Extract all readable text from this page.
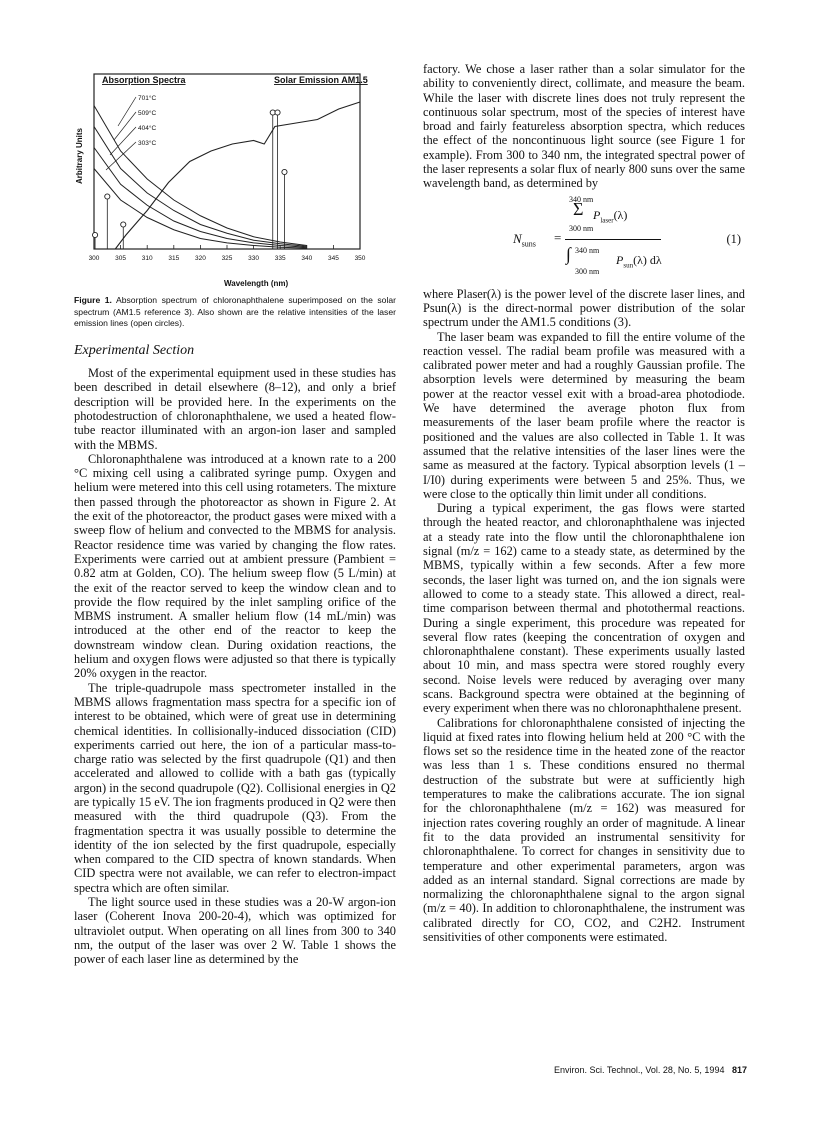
300 305 310 315 320 325 330 335 340 345 350
Absorption Spectra	Solar Emission AM1.5
701°C
509°C
404°C
303°C
Arbitrary Units
Wavelength (nm)
Figure 1. Absorption spectrum of chloronaphthalene superimposed on the solar spectrum (AM1.5 reference 3). Also shown are the relative intensities of the laser emission lines (open circles).
Experimental Section

Most of the experimental equipment used in these studies has been described in detail elsewhere (8–12), and only a brief description will be provided here. In the experiments on the photodestruction of chloronaphthalene, we used a heated flow-tube reactor illuminated with an argon-ion laser and sampled with the MBMS.

Chloronaphthalene was introduced at a known rate to a 200 °C mixing cell using a calibrated syringe pump. Oxygen and helium were metered into this cell using rotameters. The mixture then passed through the photoreactor as shown in Figure 2. At the exit of the photoreactor, the product gases were mixed with a sweep flow of helium and convected to the MBMS for analysis. Reactor residence time was varied by changing the flow rates. Experiments were carried out at ambient pressure (Pambient = 0.82 atm at Golden, CO). The helium sweep flow (5 L/min) at the exit of the reactor served to keep the window clean and to provide the flow required by the inlet sampling orifice of the MBMS instrument. A smaller helium flow (14 mL/min) was introduced at the other end of the reactor to keep the downstream window clean. During oxidation reactions, the helium and oxygen flows were adjusted so that there is typically 20% oxygen in the reactor.

The triple-quadrupole mass spectrometer installed in the MBMS allows fragmentation mass spectra for a specific ion of interest to be obtained, which were of great use in determining chemical identities. In collisionally-induced dissociation (CID) experiments carried out here, the ion of a particular mass-to-charge ratio was selected by the first quadrupole (Q1) and then accelerated and allowed to collide with a bath gas (typically argon) in the second quadrupole (Q2). Collisional energies in Q2 are typically 15 eV. The ion fragments produced in Q2 were then measured with the third quadrupole (Q3). From the fragmentation spectra it was usually possible to determine the identity of the ion selected by the first quadrupole, especially when compared to the CID spectra of known standards. When CID spectra were not available, we can refer to electron-impact spectra which are often similar.

The light source used in these studies was a 20-W argon-ion laser (Coherent Inova 200-20-4), which was optimized for ultraviolet output. When operating on all lines from 300 to 340 nm, the output of the laser was over 2 W. Table 1 shows the power of each laser line as determined by the

factory. We chose a laser rather than a solar simulator for the ability to conveniently direct, collimate, and measure the beam. While the laser with discrete lines does not truly represent the continuous solar spectrum, most of the species of interest have broad and fairly featureless absorption spectra, which reduces the effect of the noncontinuous light source (see Figure 1 for example). From 300 to 340 nm, the integrated spectral power of the laser represents a solar flux of nearly 800 suns over the same wavelength band, as determined by

$N_{suns}$ =
340 nm
Σ
300 nm
$P_{laser}(\lambda)$
340 nm
∫
300 nm
$P_{sun}(\lambda)$ dλ
(1)

where Plaser(λ) is the power level of the discrete laser lines, and Psun(λ) is the direct-normal power distribution of the solar spectrum under the AM1.5 conditions (3).

The laser beam was expanded to fill the entire volume of the reaction vessel. The radial beam profile was measured with a calibrated power meter and had a roughly Gaussian profile. The absorption levels were determined by measuring the beam power at the reactor vessel exit with a broad-area photodiode. We have determined the average photon flux from measurements of the laser beam profile where the reactor is positioned and the values are also collected in Table 1. It was assumed that the relative intensities of the laser lines were the same as measured at the factory. Typical absorption levels (1 – I/I0) during experiments were between 5 and 25%. Thus, we were close to the optically thin limit under all conditions.

During a typical experiment, the gas flows were started through the heated reactor, and chloronaphthalene was injected at a steady rate into the flow until the chloronaphthalene ion signal (m/z = 162) came to a steady state, as determined by the MBMS, typically within a few seconds. After a few more seconds, the laser light was turned on, and the ion signals were allowed to come to a steady state. This allowed a direct, real-time comparison between thermal and photothermal reactions. During a single experiment, this procedure was repeated for several flow rates (keeping the concentration of oxygen and chloronaphthalene constant). These experiments usually lasted about 10 min, and mass spectra were stored roughly every second. Noise levels were reduced by averaging over many scans. Background spectra were obtained at the beginning of every experiment when there was no chloronaphthalene present.

Calibrations for chloronaphthalene consisted of injecting the liquid at fixed rates into flowing helium held at 200 °C with the flows set so the residence time in the heated zone of the reactor was less than 1 s. These conditions ensured no thermal destruction of the substrate but were at sufficiently high temperatures to make the calibrations accurate. The ion signal for the chloronaphthalene (m/z = 162) was measured for injection rates covering roughly an order of magnitude. A linear fit to the data provided an instrumental sensitivity for chloronaphthalene. To correct for changes in sensitivity due to temperature and other experimental parameters, argon was added as an internal standard. Signal corrections are made by normalizing the chloronaphthalene signal to the argon signal (m/z = 40). In addition to chloronaphthalene, the instrument was calibrated directly for CO, CO2, and C2H2. Instrument sensitivities of other components were estimated.

Environ. Sci. Technol., Vol. 28, No. 5, 1994 817
